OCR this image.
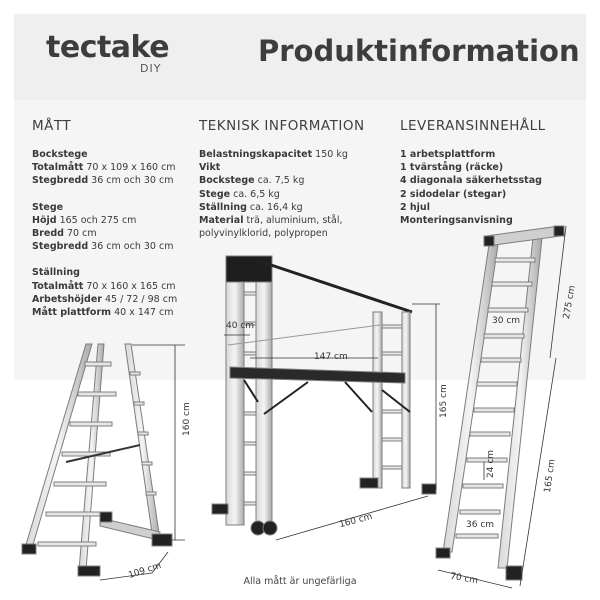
tectake
DIY
Produktinformation
MÅTT	TEKNISK INFORMATION	LEVERANSINNEHÅLL
Bockstege
Totalmått 70 x 109 x 160 cm
Stegbredd 36 cm och 30 cm
Stege
Höjd 165 och 275 cm
Bredd 70 cm
Stegbredd 36 cm och 30 cm
Ställning
Totalmått 70 x 160 x 165 cm
Arbetshöjder 45 / 72 / 98 cm
Mått plattform 40 x 147 cm
Belastningskapacitet 150 kg
Vikt
Bockstege ca. 7,5 kg
Stege ca. 6,5 kg
Ställning ca. 16,4 kg
Material trä, aluminium, stål,
polyvinylklorid, polypropen
1 arbetsplattform
1 tvärstång (räcke)
4 diagonala säkerhetsstag
2 sidodelar (stegar)
2 hjul
Monteringsanvisning
160 cm
109 cm
40 cm
147 cm
165 cm
160 cm
30 cm
275 cm
24 cm
36 cm
165 cm
70 cm
Alla mått är ungefärliga
